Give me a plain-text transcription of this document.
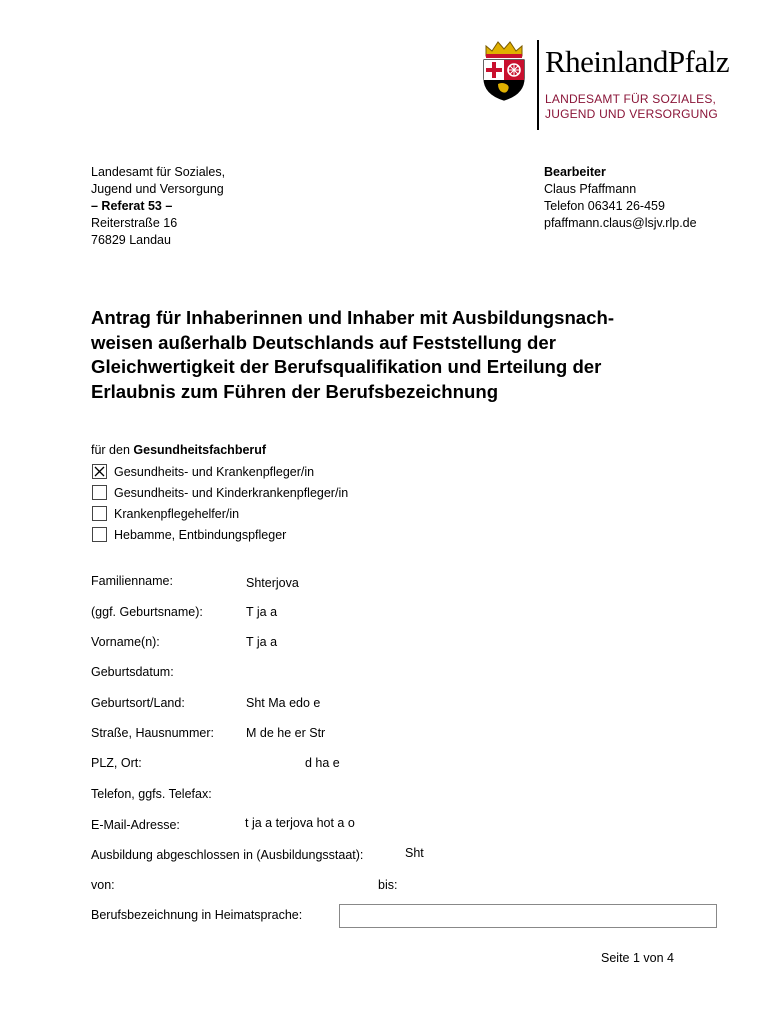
RheinlandPfalz
LANDESAMT FÜR SOZIALES,
JUGEND UND VERSORGUNG
Landesamt für Soziales,
Jugend und Versorgung
– Referat 53 –
Reiterstraße 16
76829 Landau
Bearbeiter
Claus Pfaffmann
Telefon 06341 26-459
pfaffmann.claus@lsjv.rlp.de
Antrag für Inhaberinnen und Inhaber mit Ausbildungsnach-
weisen außerhalb Deutschlands auf Feststellung der
Gleichwertigkeit der Berufsqualifikation und Erteilung der
Erlaubnis zum Führen der Berufsbezeichnung
für den Gesundheitsfachberuf
Gesundheits- und Krankenpfleger/in
Gesundheits- und Kinderkrankenpfleger/in
Krankenpflegehelfer/in
Hebamme, Entbindungspfleger
Familienname:	Shterjova
(ggf. Geburtsname):	T ja a
Vorname(n):	T ja a
Geburtsdatum:
Geburtsort/Land:	Sht Ma edo e
Straße, Hausnummer:	M de he er Str
PLZ, Ort:	d ha e
Telefon, ggfs. Telefax:
E-Mail-Adresse:	t ja a terjova hot a o
Ausbildung abgeschlossen in (Ausbildungsstaat):	Sht
von:	bis:
Berufsbezeichnung in Heimatsprache:
Seite 1 von 4
